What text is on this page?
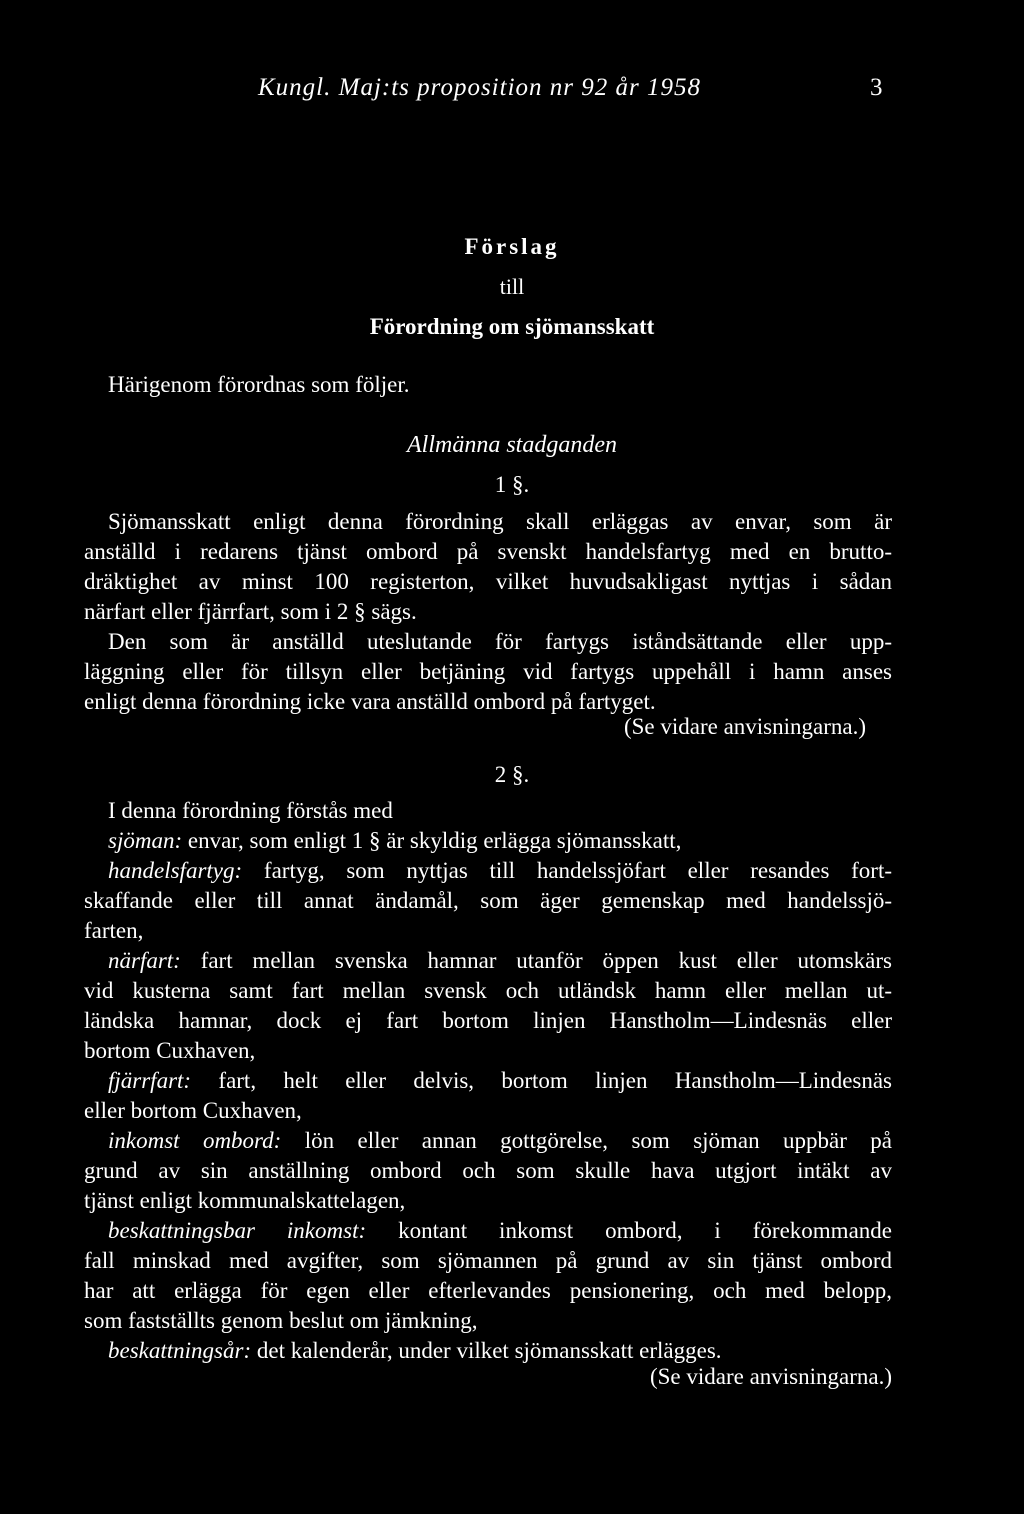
Kungl. Maj:ts proposition nr 92 år 1958	3
Förslag
till
Förordning om sjömansskatt
Härigenom förordnas som följer.
Allmänna stadganden
1 §.
Sjömansskatt enligt denna förordning skall erläggas av envar, som är
anställd i redarens tjänst ombord på svenskt handelsfartyg med en brutto-
dräktighet av minst 100 registerton, vilket huvudsakligast nyttjas i sådan
närfart eller fjärrfart, som i 2 § sägs.
Den som är anställd uteslutande för fartygs iståndsättande eller upp-
läggning eller för tillsyn eller betjäning vid fartygs uppehåll i hamn anses
enligt denna förordning icke vara anställd ombord på fartyget.
(Se vidare anvisningarna.)
2 §.
I denna förordning förstås med
sjöman: envar, som enligt 1 § är skyldig erlägga sjömansskatt,
handelsfartyg: fartyg, som nyttjas till handelssjöfart eller resandes fort-
skaffande eller till annat ändamål, som äger gemenskap med handelssjö-
farten,
närfart: fart mellan svenska hamnar utanför öppen kust eller utomskärs
vid kusterna samt fart mellan svensk och utländsk hamn eller mellan ut-
ländska hamnar, dock ej fart bortom linjen Hanstholm—Lindesnäs eller
bortom Cuxhaven,
fjärrfart: fart, helt eller delvis, bortom linjen Hanstholm—Lindesnäs
eller bortom Cuxhaven,
inkomst ombord: lön eller annan gottgörelse, som sjöman uppbär på
grund av sin anställning ombord och som skulle hava utgjort intäkt av
tjänst enligt kommunalskattelagen,
beskattningsbar inkomst: kontant inkomst ombord, i förekommande
fall minskad med avgifter, som sjömannen på grund av sin tjänst ombord
har att erlägga för egen eller efterlevandes pensionering, och med belopp,
som fastställts genom beslut om jämkning,
beskattningsår: det kalenderår, under vilket sjömansskatt erlägges.
(Se vidare anvisningarna.)
